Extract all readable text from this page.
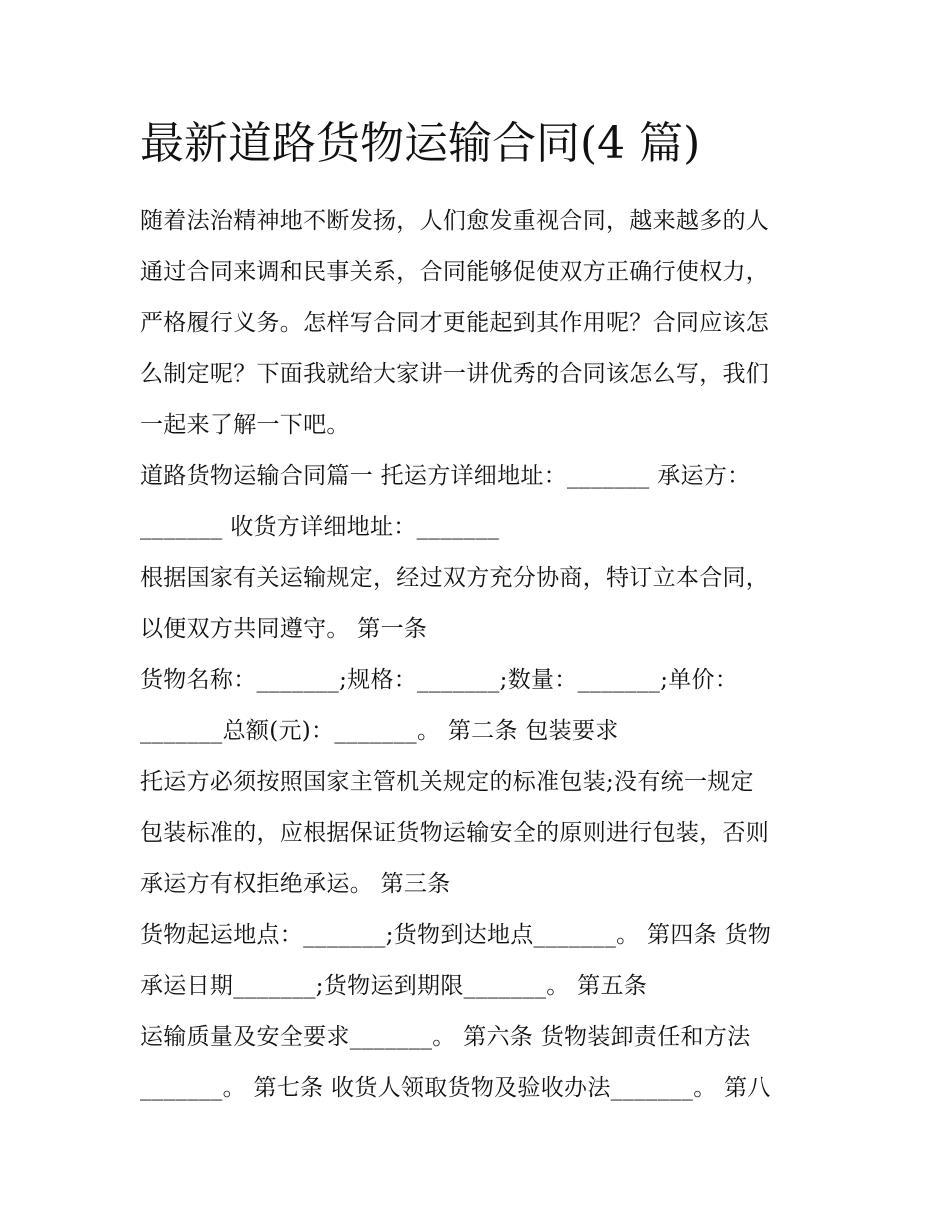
最新道路货物运输合同(4 篇)
随着法治精神地不断发扬，人们愈发重视合同，越来越多的人
通过合同来调和民事关系，合同能够促使双方正确行使权力，
严格履行义务。怎样写合同才更能起到其作用呢？合同应该怎
么制定呢？下面我就给大家讲一讲优秀的合同该怎么写，我们
一起来了解一下吧。
道路货物运输合同篇一 托运方详细地址：_______ 承运方：
_______ 收货方详细地址：_______
根据国家有关运输规定，经过双方充分协商，特订立本合同，
以便双方共同遵守。 第一条
货物名称：_______;规格：_______;数量：_______;单价：
_______总额(元)：_______。 第二条 包装要求
托运方必须按照国家主管机关规定的标准包装;没有统一规定
包装标准的，应根据保证货物运输安全的原则进行包装，否则
承运方有权拒绝承运。 第三条
货物起运地点：_______;货物到达地点_______。 第四条 货物
承运日期_______;货物运到期限_______。 第五条
运输质量及安全要求_______。 第六条 货物装卸责任和方法
_______。 第七条 收货人领取货物及验收办法_______。 第八
